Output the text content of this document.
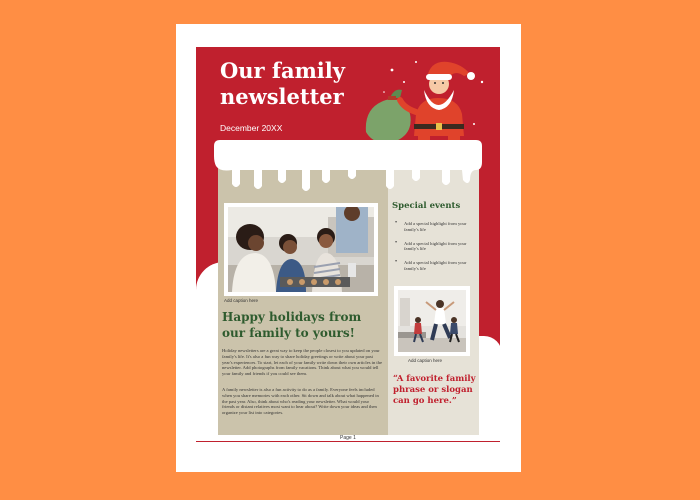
Our family
newsletter
December 20XX
Add caption here
Happy holidays from our family to yours!
Holiday newsletters are a great way to keep the people closest to you updated on your family's life. It's also a fun way to share holiday greetings or write about your past year's experiences. To start, let each of your family write down their own articles in the newsletter. Add photographs from family vacations. Think about what you would tell your family and friends if you could see them.
A family newsletter is also a fun activity to do as a family. Everyone feels included when you share memories with each other. Sit down and talk about what happened in the past year. Also, think about who's reading your newsletter. What would your friends or distant relatives most want to hear about? Write down your ideas and then organize your list into categories.
Special events
• Add a special highlight from your family's life
• Add a special highlight from your family's life
• Add a special highlight from your family's life
Add caption here
“A favorite family phrase or slogan can go here.”
Page 1
